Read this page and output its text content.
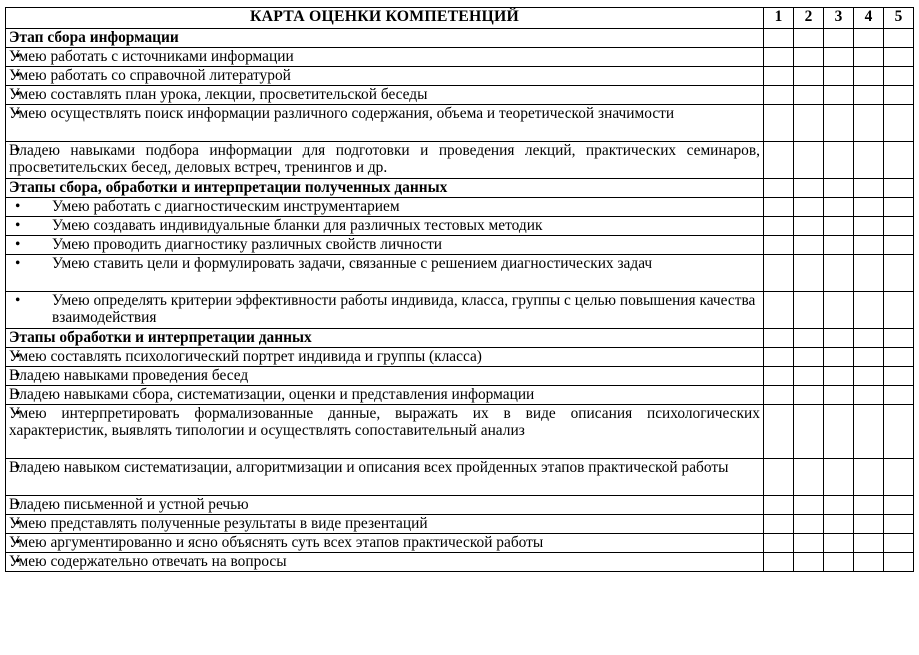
КАРТА ОЦЕНКИ КОМПЕТЕНЦИЙ	1	2	3	4	5
Этап сбора информации					
• Умею работать с источниками информации					
• Умею работать со справочной литературой					
• Умею составлять план урока, лекции, просветительской беседы					
• Умею осуществлять поиск информации различного содержания, объема и теоретической значимости					
• Владею навыками подбора информации для подготовки и проведения лекций, практических семинаров, просветительских бесед, деловых встреч, тренингов и др.					
Этапы сбора, обработки и интерпретации полученных данных					
• Умею работать с диагностическим инструментарием					
• Умею создавать индивидуальные бланки для различных тестовых методик					
• Умею проводить диагностику различных свойств личности					
• Умею ставить цели и формулировать задачи, связанные с решением диагностических задач					
• Умею определять критерии эффективности работы индивида, класса, группы с целью повышения качества взаимодействия					
Этапы обработки и интерпретации данных					
• Умею составлять психологический портрет индивида и группы (класса)					
• Владею навыками проведения бесед					
• Владею навыками сбора, систематизации, оценки и представления информации					
• Умею интерпретировать формализованные данные, выражать их в виде описания психологических характеристик, выявлять типологии и осуществлять сопоставительный анализ					
• Владею навыком систематизации, алгоритмизации и описания всех пройденных этапов практической работы					
• Владею письменной и устной речью					
• Умею представлять полученные результаты в виде презентаций					
• Умею аргументированно и ясно объяснять суть всех этапов практической работы					
• Умею содержательно отвечать на вопросы					
